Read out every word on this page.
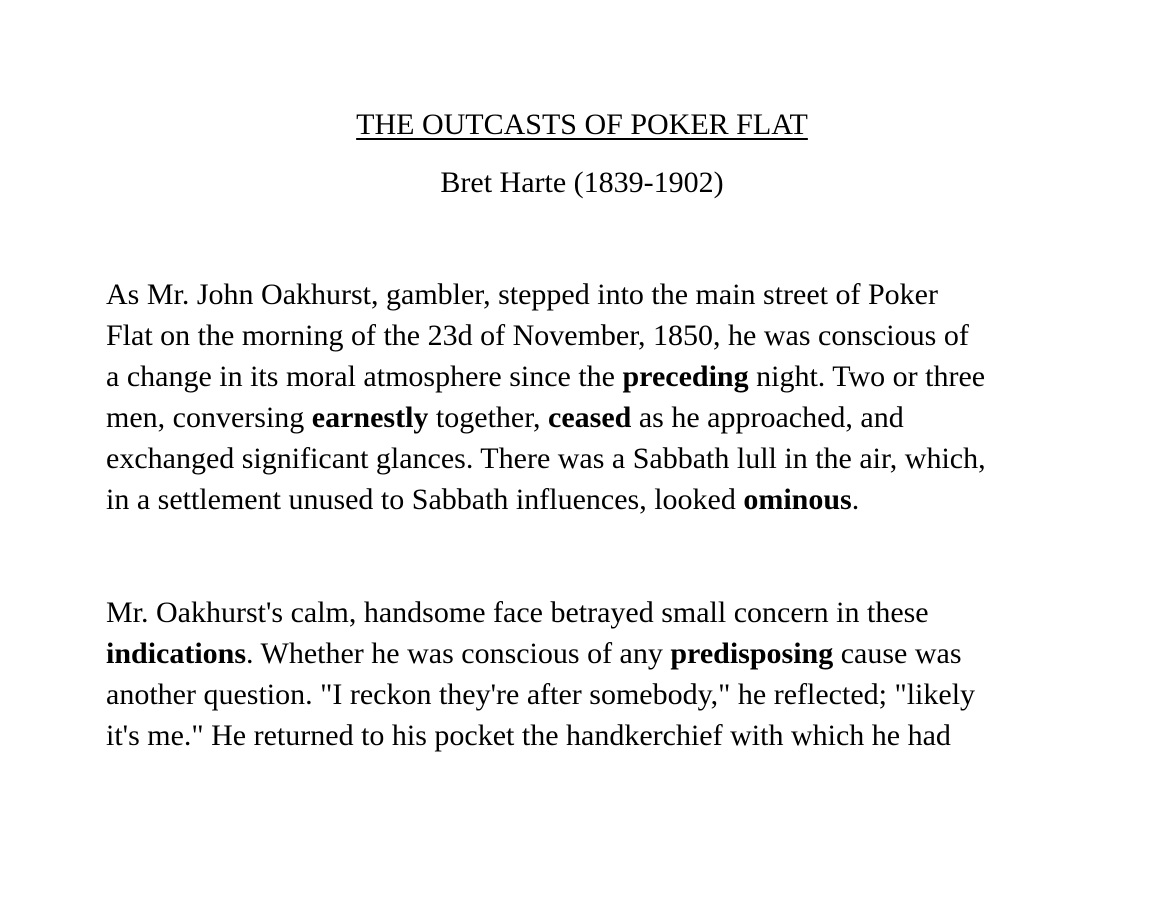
THE OUTCASTS OF POKER FLAT

Bret Harte (1839-1902)

As Mr. John Oakhurst, gambler, stepped into the main street of Poker
Flat on the morning of the 23d of November, 1850, he was conscious of
a change in its moral atmosphere since the preceding night. Two or three
men, conversing earnestly together, ceased as he approached, and
exchanged significant glances. There was a Sabbath lull in the air, which,
in a settlement unused to Sabbath influences, looked ominous.

Mr. Oakhurst's calm, handsome face betrayed small concern in these
indications. Whether he was conscious of any predisposing cause was
another question. "I reckon they're after somebody," he reflected; "likely
it's me." He returned to his pocket the handkerchief with which he had
